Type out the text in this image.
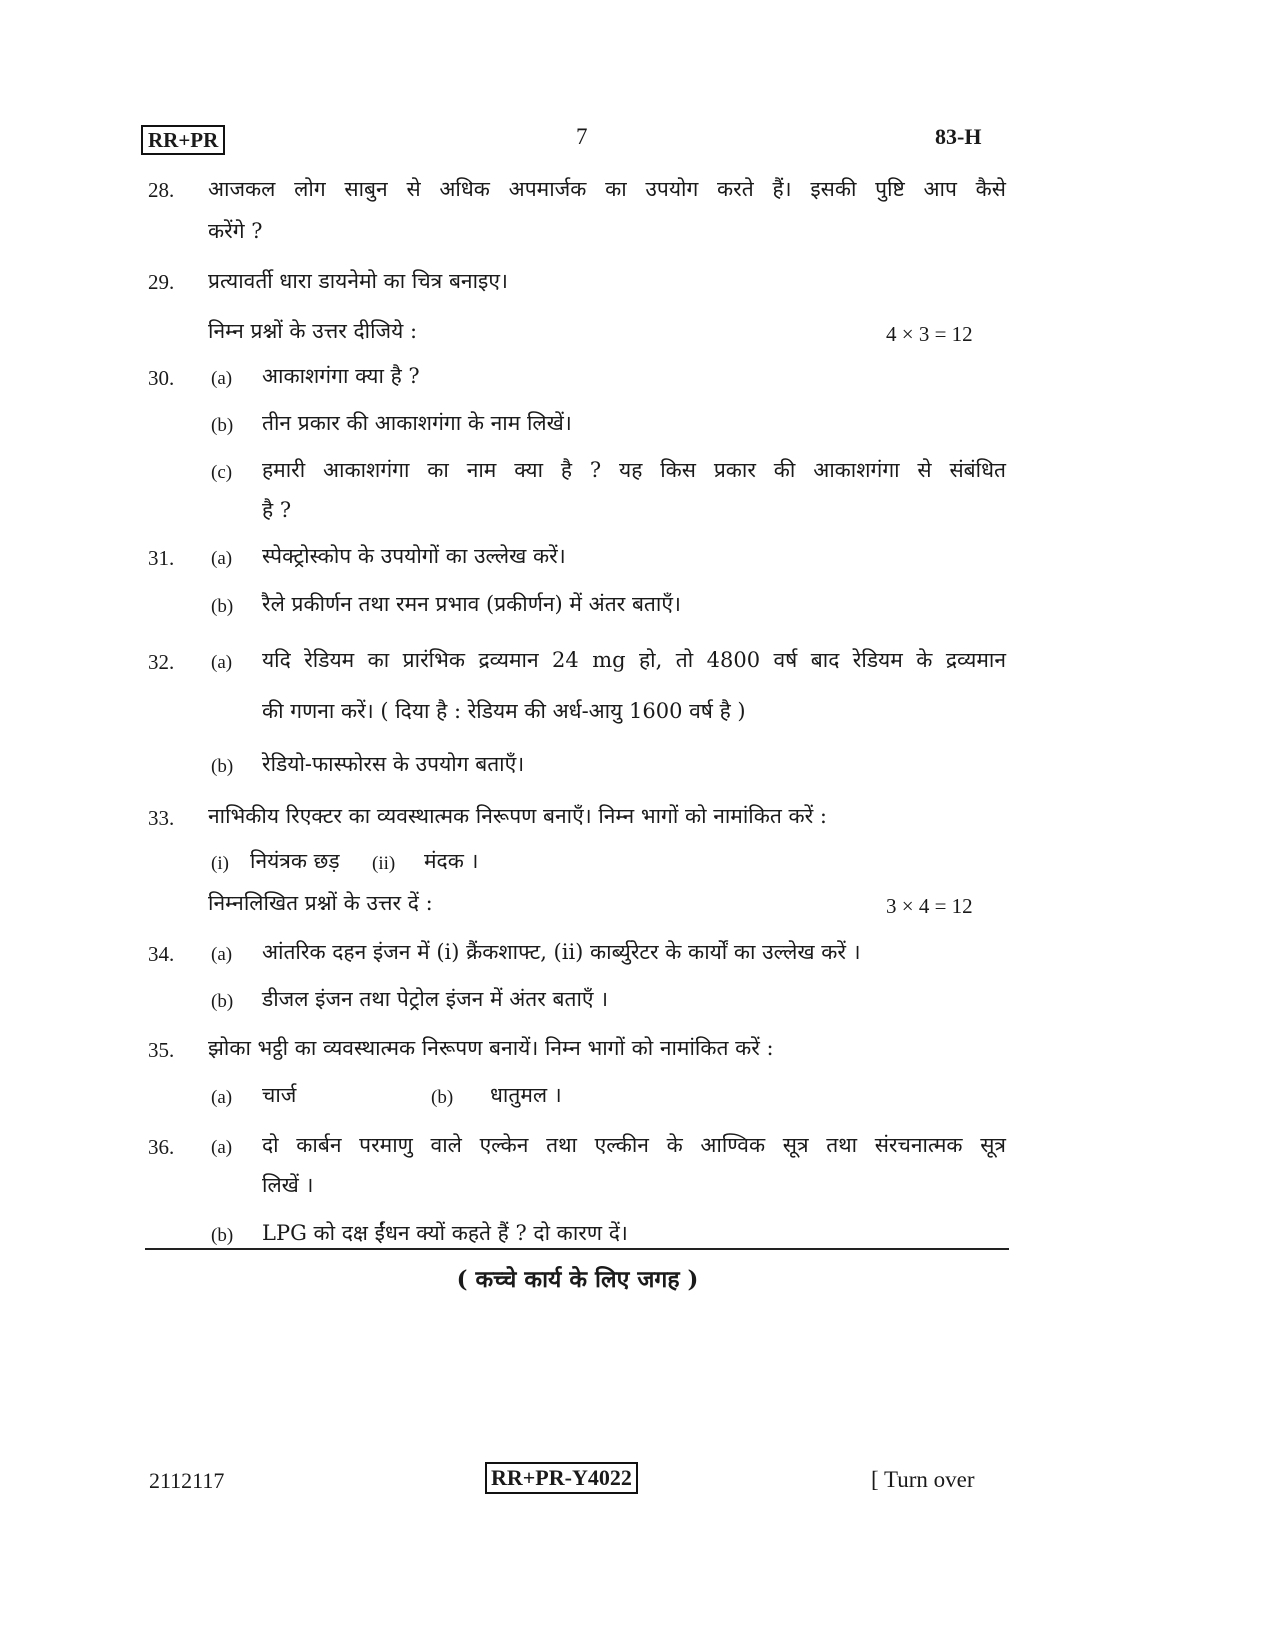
RR+PR	7	83-H
28. आजकल लोग साबुन से अधिक अपमार्जक का उपयोग करते हैं। इसकी पुष्टि आप कैसे
करेंगे ?
29. प्रत्यावर्ती धारा डायनेमो का चित्र बनाइए।
निम्न प्रश्नों के उत्तर दीजिये :	4 × 3 = 12
30. (a) आकाशगंगा क्या है ?
(b) तीन प्रकार की आकाशगंगा के नाम लिखें।
(c) हमारी आकाशगंगा का नाम क्या है ? यह किस प्रकार की आकाशगंगा से संबंधित
है ?
31. (a) स्पेक्ट्रोस्कोप के उपयोगों का उल्लेख करें।
(b) रैले प्रकीर्णन तथा रमन प्रभाव (प्रकीर्णन) में अंतर बताएँ।
32. (a) यदि रेडियम का प्रारंभिक द्रव्यमान 24 mg हो, तो 4800 वर्ष बाद रेडियम के द्रव्यमान
की गणना करें। ( दिया है : रेडियम की अर्ध-आयु 1600 वर्ष है )
(b) रेडियो-फास्फोरस के उपयोग बताएँ।
33. नाभिकीय रिएक्टर का व्यवस्थात्मक निरूपण बनाएँ। निम्न भागों को नामांकित करें :
(i) नियंत्रक छड़ (ii) मंदक ।
निम्नलिखित प्रश्नों के उत्तर दें :	3 × 4 = 12
34. (a) आंतरिक दहन इंजन में (i) क्रैंकशाफ्ट, (ii) कार्ब्युरेटर के कार्यों का उल्लेख करें ।
(b) डीजल इंजन तथा पेट्रोल इंजन में अंतर बताएँ ।
35. झोका भट्ठी का व्यवस्थात्मक निरूपण बनायें। निम्न भागों को नामांकित करें :
(a) चार्ज	(b) धातुमल ।
36. (a) दो कार्बन परमाणु वाले एल्केन तथा एल्कीन के आण्विक सूत्र तथा संरचनात्मक सूत्र
लिखें ।
(b) LPG को दक्ष ईंधन क्यों कहते हैं ? दो कारण दें।
( कच्चे कार्य के लिए जगह )
2112117	RR+PR-Y4022	[ Turn over
